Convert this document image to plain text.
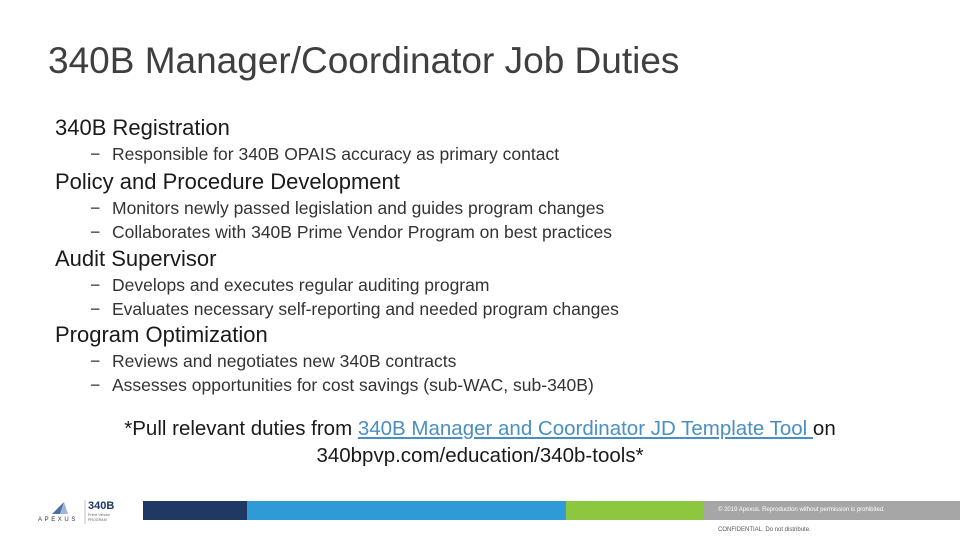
340B Manager/Coordinator Job Duties
340B Registration
− Responsible for 340B OPAIS accuracy as primary contact
Policy and Procedure Development
− Monitors newly passed legislation and guides program changes
− Collaborates with 340B Prime Vendor Program on best practices
Audit Supervisor
− Develops and executes regular auditing program
− Evaluates necessary self-reporting and needed program changes
Program Optimization
− Reviews and negotiates new 340B contracts
− Assesses opportunities for cost savings (sub-WAC, sub-340B)
*Pull relevant duties from 340B Manager and Coordinator JD Template Tool on 340bpvp.com/education/340b-tools*
APEXUS
340B
Prime Vendor
PROGRAM
© 2019 Apexus. Reproduction without permission is prohibited.
CONFIDENTIAL. Do not distribute.
